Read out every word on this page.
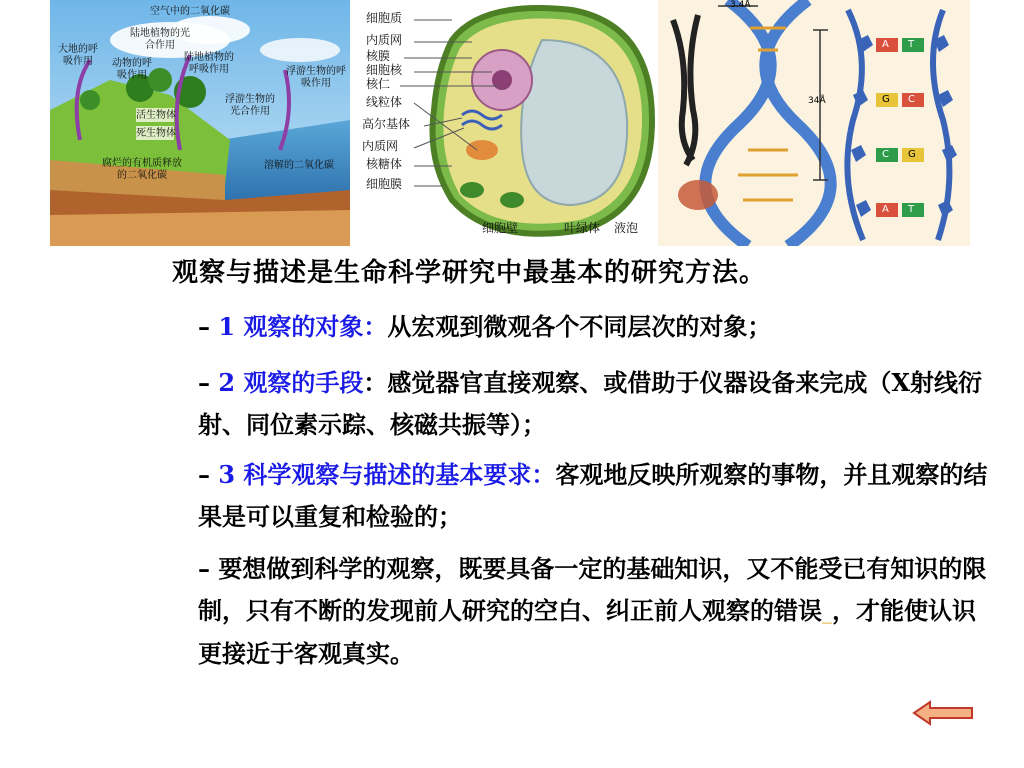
空气中的二氧化碳
陆地植物的光合作用
大地的呼吸作用	动物的呼吸作用
陆地植物的呼吸作用	浮游生物的呼吸作用
浮游生物的光合作用
活生物体
死生物体
腐烂的有机质释放的二氧化碳
溶解的二氧化碳
细胞质
内质网
核膜
细胞核
核仁
线粒体
高尔基体
内质网
核糖体
细胞膜
细胞壁	叶绿体 液泡
3.4Å
34Å
A T
G C
C G
A T
观察与描述是生命科学研究中最基本的研究方法。
– 1 观察的对象：从宏观到微观各个不同层次的对象；
– 2 观察的手段：感觉器官直接观察、或借助于仪器设备来完成（X射线衍射、同位素示踪、核磁共振等）；
– 3 科学观察与描述的基本要求：客观地反映所观察的事物，并且观察的结果是可以重复和检验的；
– 要想做到科学的观察，既要具备一定的基础知识，又不能受已有知识的限制，只有不断的发现前人研究的空白、纠正前人观察的错误_，才能使认识更接近于客观真实。
